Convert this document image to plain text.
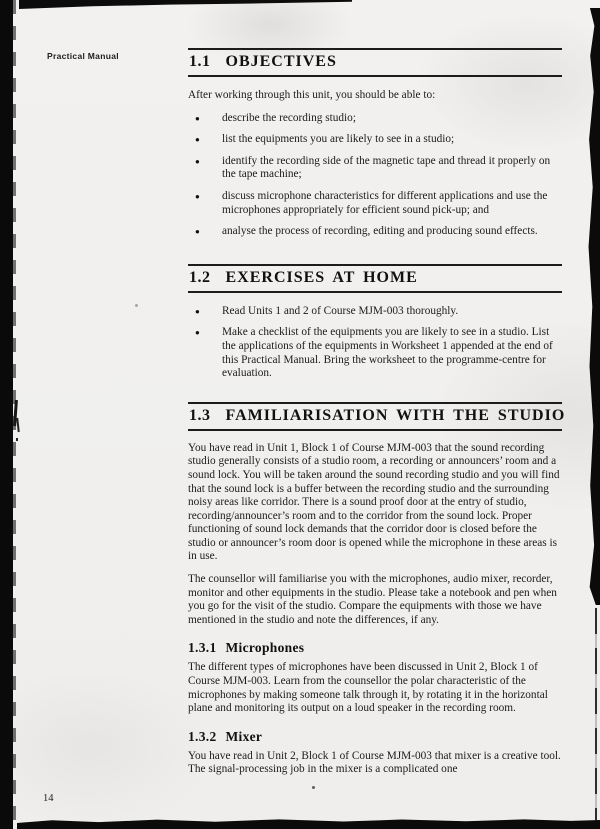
Practical Manual
14
1.1 OBJECTIVES

After working through this unit, you should be able to:

●	describe the recording studio;
●	list the equipments you are likely to see in a studio;
●	identify the recording side of the magnetic tape and thread it properly on the tape machine;
●	discuss microphone characteristics for different applications and use the microphones appropriately for efficient sound pick-up; and
●	analyse the process of recording, editing and producing sound effects.
1.2 EXERCISES AT HOME
●	Read Units 1 and 2 of Course MJM-003 thoroughly.
●	Make a checklist of the equipments you are likely to see in a studio. List the applications of the equipments in Worksheet 1 appended at the end of this Practical Manual. Bring the worksheet to the programme-centre for evaluation.
1.3 FAMILIARISATION WITH THE STUDIO

You have read in Unit 1, Block 1 of Course MJM-003 that the sound recording studio generally consists of a studio room, a recording or announcers’ room and a sound lock. You will be taken around the sound recording studio and you will find that the sound lock is a buffer between the recording studio and the surrounding noisy areas like corridor. There is a sound proof door at the entry of studio, recording/announcer’s room and to the corridor from the sound lock. Proper functioning of sound lock demands that the corridor door is closed before the studio or announcer’s room door is opened while the microphone in these areas is in use.

The counsellor will familiarise you with the microphones, audio mixer, recorder, monitor and other equipments in the studio. Please take a notebook and pen when you go for the visit of the studio. Compare the equipments with those we have mentioned in the studio and note the differences, if any.

1.3.1 Microphones

The different types of microphones have been discussed in Unit 2, Block 1 of Course MJM-003. Learn from the counsellor the polar characteristic of the microphones by making someone talk through it, by rotating it in the horizontal plane and monitoring its output on a loud speaker in the recording room.

1.3.2 Mixer

You have read in Unit 2, Block 1 of Course MJM-003 that mixer is a creative tool. The signal-processing job in the mixer is a complicated one
